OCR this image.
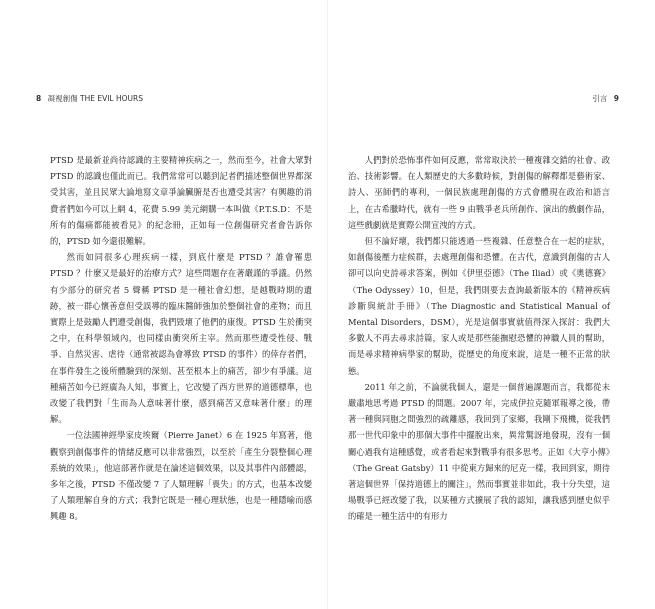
8 凝視創傷 THE EVIL HOURS	引言 9

PTSD 是最新並尚待認識的主要精神疾病之一，然而至今，社會大眾對 PTSD 的認識也僅此而已。我們常常可以聽到記者們描述整個世界都深受其害，並且民眾大論地寫文章爭論臟腑是否也遭受其害？有興趣的消費者們如今可以上網 4，花費 5.99 美元網購一本叫做《P.T.S.D：不是所有的傷痛都能被看見》的紀念冊，正如每一位創傷研究者會告訴你的，PTSD 如今還很難解。

然而如同很多心理疾病一樣，到底什麼是 PTSD ？誰會罹患 PTSD ？什麼又是最好的治療方式？這些問題存在著嚴謹的爭議。仍然有少部分的研究者 5 聲稱 PTSD 是一種社會幻想，是越戰時期的遺跡，被一群心懷善意但受誤導的臨床醫師強加於整個社會的產物；而且實際上是鼓勵人們遭受創傷，我們毀壞了他們的康復。PTSD 生於衝突之中，在科學領域內，也同樣由衝突所主宰。然而那些遭受性侵、戰爭、自然災害、虐待（通常被認為會導致 PTSD 的事件）的倖存者們，在事件發生之後所體驗到的深刻、甚至根本上的痛苦，卻少有爭議。這種痛苦如今已經廣為人知，事實上，它改變了西方世界的道德標準，也改變了我們對「生而為人意味著什麼，感到痛苦又意味著什麼」的理解。

一位法國神經學家皮埃爾（Pierre Janet）6 在 1925 年寫著，他觀察到創傷事件的情緒反應可以非常強烈，以至於「產生分裂整個心理系統的效果」，他這部著作就是在論述這個效果，以及其事件內部體認，多年之後，PTSD 不僅改變 7 了人類理解「喪失」的方式，也基本改變了人類理解自身的方式；我對它既是一種心理狀態，也是一種隱喻而感興趣 8。

人們對於恐怖事件如何反應，常常取決於一種複雜交錯的社會、政治、技術影響。在人類歷史的大多數時候，對創傷的解釋都是藝術家、詩人、巫師們的專利，一個民族處理創傷的方式會體現在政治和語言上，在古希臘時代，就有一些 9 由戰爭老兵所創作、演出的戲劇作品，這些戲劇就是實際公開宣洩的方式。

但不論好壞，我們都只能透過一些複雜、任意整合在一起的症狀，如創傷後壓力症候群，去處理創傷和恐懼。在古代，意識到創傷的古人卻可以向史詩尋求答案，例如《伊里亞德》（The Iliad）或《奧德賽》（The Odyssey）10，但是，我們則要去查詢最新版本的《精神疾病診斷與統計手冊》（The Diagnostic and Statistical Manual of Mental Disorders，DSM），光是這個事實就值得深入探討：我們大多數人不再去尋求詩篇，家人或是那些能撫慰恐懼的神職人員的幫助，而是尋求精神病學家的幫助，從歷史的角度來說，這是一種不正常的狀態。

2011 年之前，不論就我個人，還是一個普遍課題而言，我都從未嚴肅地思考過 PTSD 的問題。2007 年，完成伊拉克隨軍報導之後，帶著一種與同胞之間強烈的疏離感，我回到了家鄉，我剛下飛機，從我們那一世代印象中的那個大事件中擺脫出來，異常驚訝地發現，沒有一個關心過我有這種感覺，或者看起來對戰爭有很多思考。正如《大亨小傳》（The Great Gatsby）11 中從東方歸來的尼克一樣，我回到家，期待著這個世界「保持道德上的關注」，然而事實並非如此，我十分失望，這場戰爭已經改變了我，以某種方式擴展了我的認知，讓我感到歷史似乎的確是一種生活中的有形力
